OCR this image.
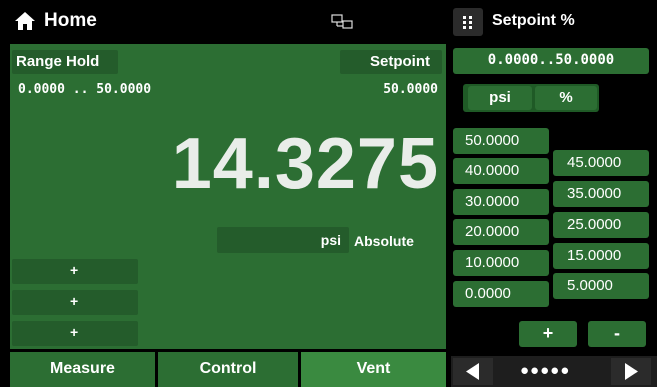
Home	Setpoint %
Range Hold	Setpoint
0.0000 .. 50.0000	50.0000
14.3275
psi Absolute
+
+
+
Measure	Control	Vent
0.0000..50.0000
psi	%
50.0000
40.0000
30.0000
20.0000
10.0000
0.0000
45.0000
35.0000
25.0000
15.0000
5.0000
+	-
●●●●●
